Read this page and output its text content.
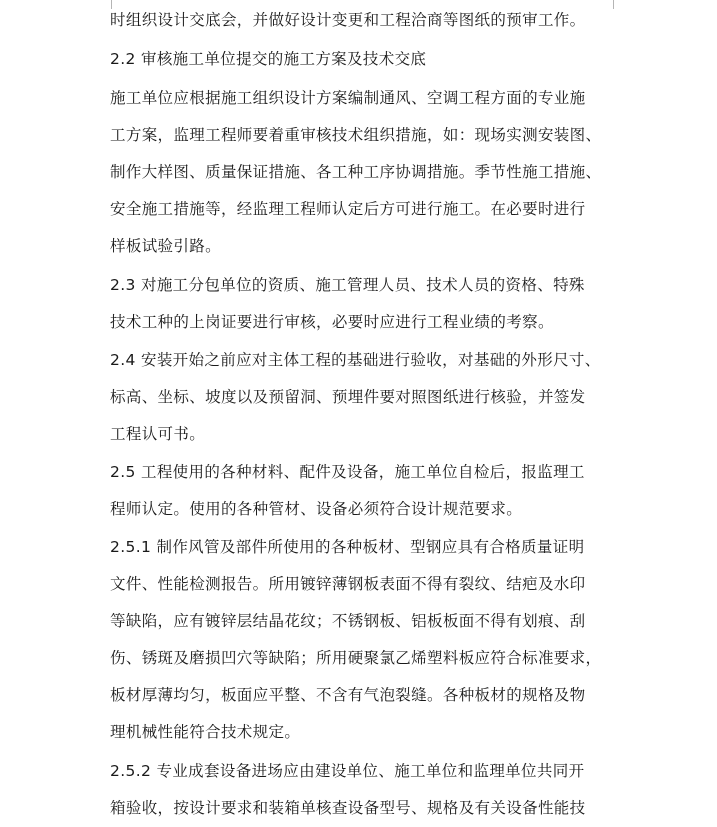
时组织设计交底会，并做好设计变更和工程洽商等图纸的预审工作。
2.2 审核施工单位提交的施工方案及技术交底
施工单位应根据施工组织设计方案编制通风、空调工程方面的专业施
工方案，监理工程师要着重审核技术组织措施，如：现场实测安装图、
制作大样图、质量保证措施、各工种工序协调措施。季节性施工措施、
安全施工措施等，经监理工程师认定后方可进行施工。在必要时进行
样板试验引路。
2.3 对施工分包单位的资质、施工管理人员、技术人员的资格、特殊
技术工种的上岗证要进行审核，必要时应进行工程业绩的考察。
2.4 安装开始之前应对主体工程的基础进行验收，对基础的外形尺寸、
标高、坐标、坡度以及预留洞、预埋件要对照图纸进行核验，并签发
工程认可书。
2.5 工程使用的各种材料、配件及设备，施工单位自检后，报监理工
程师认定。使用的各种管材、设备必须符合设计规范要求。
2.5.1 制作风管及部件所使用的各种板材、型钢应具有合格质量证明
文件、性能检测报告。所用镀锌薄钢板表面不得有裂纹、结疤及水印
等缺陷，应有镀锌层结晶花纹；不锈钢板、铝板板面不得有划痕、刮
伤、锈斑及磨损凹穴等缺陷；所用硬聚氯乙烯塑料板应符合标准要求，
板材厚薄均匀，板面应平整、不含有气泡裂缝。各种板材的规格及物
理机械性能符合技术规定。
2.5.2 专业成套设备进场应由建设单位、施工单位和监理单位共同开
箱验收，按设计要求和装箱单核查设备型号、规格及有关设备性能技
